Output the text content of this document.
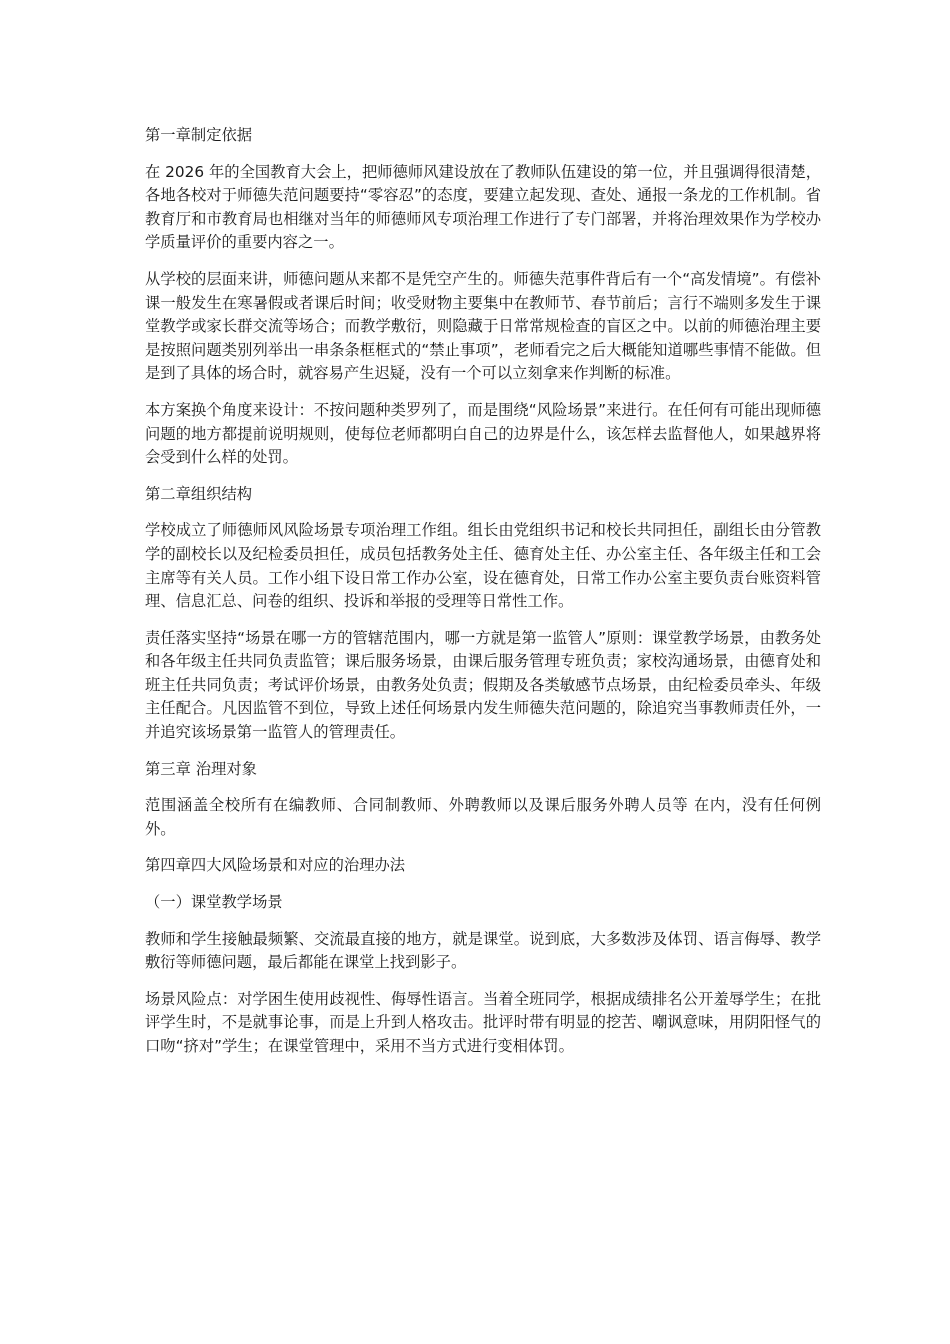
第一章制定依据
在 2026 年的全国教育大会上，把师德师风建设放在了教师队伍建设的第一位，并且强调得很清楚，各地各校对于师德失范问题要持“零容忍”的态度，要建立起发现、查处、通报一条龙的工作机制。省教育厅和市教育局也相继对当年的师德师风专项治理工作进行了专门部署，并将治理效果作为学校办学质量评价的重要内容之一。
从学校的层面来讲，师德问题从来都不是凭空产生的。师德失范事件背后有一个“高发情境”。有偿补课一般发生在寒暑假或者课后时间；收受财物主要集中在教师节、春节前后；言行不端则多发生于课堂教学或家长群交流等场合；而教学敷衍，则隐藏于日常常规检查的盲区之中。以前的师德治理主要是按照问题类别列举出一串条条框框式的“禁止事项”，老师看完之后大概能知道哪些事情不能做。但是到了具体的场合时，就容易产生迟疑，没有一个可以立刻拿来作判断的标准。
本方案换个角度来设计：不按问题种类罗列了，而是围绕“风险场景”来进行。在任何有可能出现师德问题的地方都提前说明规则，使每位老师都明白自己的边界是什么，该怎样去监督他人，如果越界将会受到什么样的处罚。
第二章组织结构
学校成立了师德师风风险场景专项治理工作组。组长由党组织书记和校长共同担任，副组长由分管教学的副校长以及纪检委员担任，成员包括教务处主任、德育处主任、办公室主任、各年级主任和工会主席等有关人员。工作小组下设日常工作办公室，设在德育处，日常工作办公室主要负责台账资料管理、信息汇总、问卷的组织、投诉和举报的受理等日常性工作。
责任落实坚持“场景在哪一方的管辖范围内，哪一方就是第一监管人”原则：课堂教学场景，由教务处和各年级主任共同负责监管；课后服务场景，由课后服务管理专班负责；家校沟通场景，由德育处和班主任共同负责；考试评价场景，由教务处负责；假期及各类敏感节点场景，由纪检委员牵头、年级主任配合。凡因监管不到位，导致上述任何场景内发生师德失范问题的，除追究当事教师责任外，一并追究该场景第一监管人的管理责任。
第三章 治理对象
范围涵盖全校所有在编教师、合同制教师、外聘教师以及课后服务外聘人员等 在内，没有任何例外。
第四章四大风险场景和对应的治理办法
（一）课堂教学场景
教师和学生接触最频繁、交流最直接的地方，就是课堂。说到底，大多数涉及体罚、语言侮辱、教学敷衍等师德问题，最后都能在课堂上找到影子。
场景风险点：对学困生使用歧视性、侮辱性语言。当着全班同学，根据成绩排名公开羞辱学生；在批评学生时，不是就事论事，而是上升到人格攻击。批评时带有明显的挖苦、嘲讽意味，用阴阳怪气的口吻“挤对”学生；在课堂管理中，采用不当方式进行变相体罚。
